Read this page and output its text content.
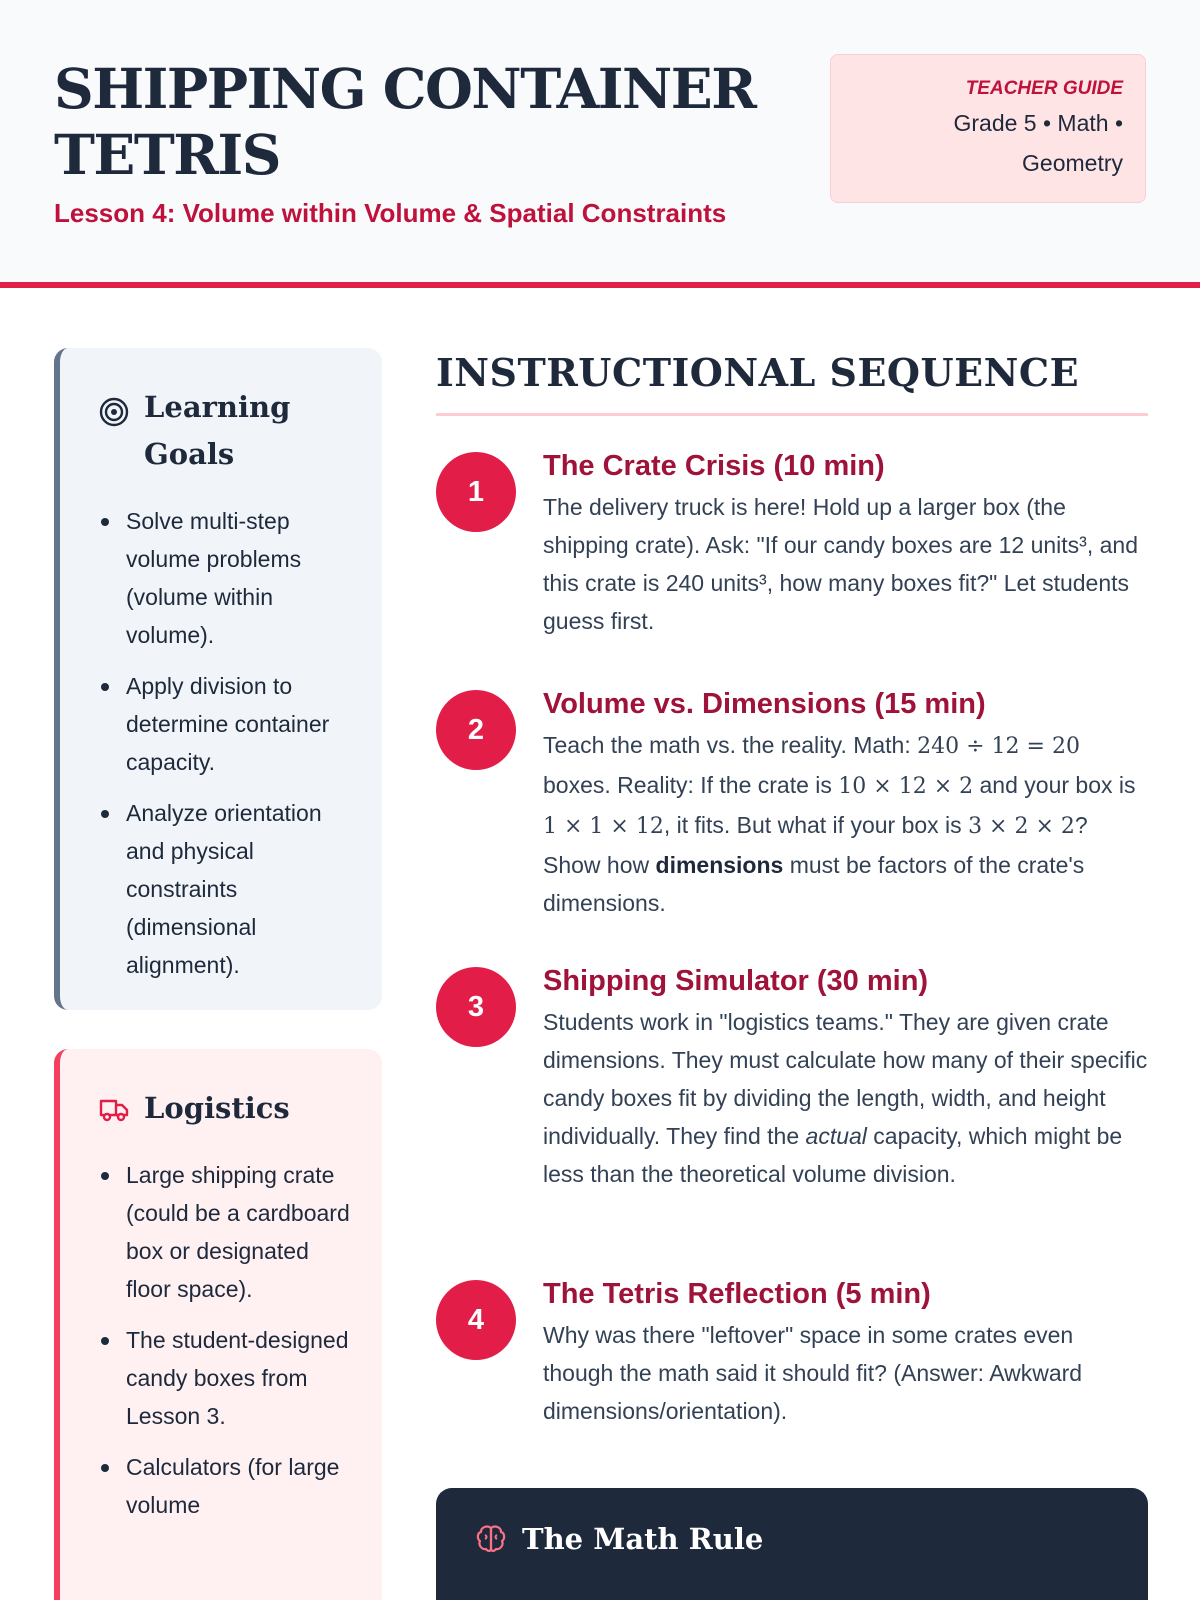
SHIPPING CONTAINER TETRIS
Lesson 4: Volume within Volume & Spatial Constraints
TEACHER GUIDE
Grade 5 • Math • Geometry
Learning Goals
Solve multi-step volume problems (volume within volume).
Apply division to determine container capacity.
Analyze orientation and physical constraints (dimensional alignment).
Logistics
Large shipping crate (could be a cardboard box or designated floor space).
The student-designed candy boxes from Lesson 3.
Calculators (for large volume
INSTRUCTIONAL SEQUENCE
1
The Crate Crisis (10 min)
The delivery truck is here! Hold up a larger box (the shipping crate). Ask: "If our candy boxes are 12 units³, and this crate is 240 units³, how many boxes fit?" Let students guess first.
2
Volume vs. Dimensions (15 min)
Teach the math vs. the reality. Math: 240 ÷ 12 = 20 boxes. Reality: If the crate is 10 × 12 × 2 and your box is 1 × 1 × 12, it fits. But what if your box is 3 × 2 × 2? Show how dimensions must be factors of the crate's dimensions.
3
Shipping Simulator (30 min)
Students work in "logistics teams." They are given crate dimensions. They must calculate how many of their specific candy boxes fit by dividing the length, width, and height individually. They find the actual capacity, which might be less than the theoretical volume division.
4
The Tetris Reflection (5 min)
Why was there "leftover" space in some crates even though the math said it should fit? (Answer: Awkward dimensions/orientation).
The Math Rule
